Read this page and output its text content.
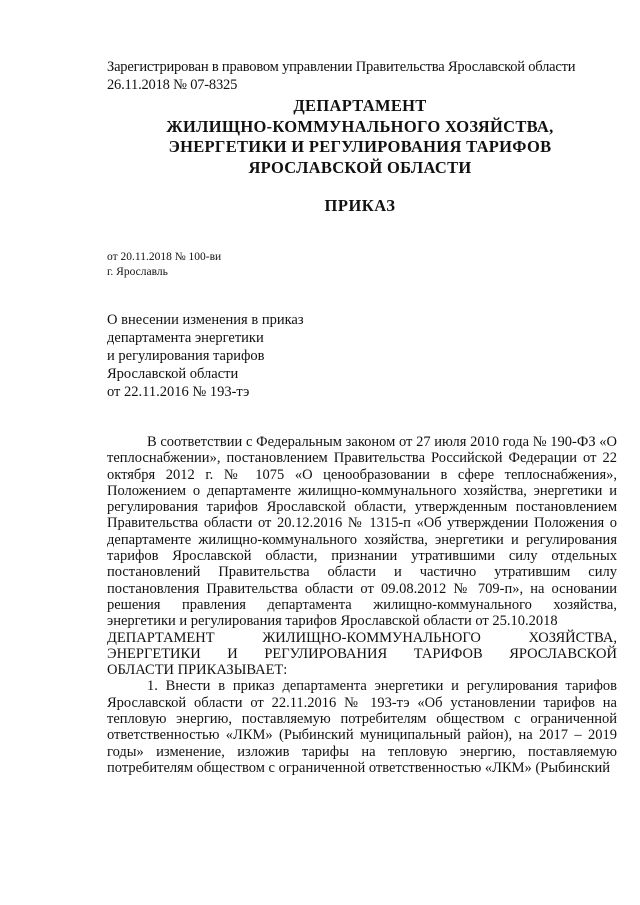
Зарегистрирован в правовом управлении Правительства Ярославской области
26.11.2018 № 07-8325
ДЕПАРТАМЕНТ
ЖИЛИЩНО-КОММУНАЛЬНОГО ХОЗЯЙСТВА,
ЭНЕРГЕТИКИ И РЕГУЛИРОВАНИЯ ТАРИФОВ
ЯРОСЛАВСКОЙ ОБЛАСТИ
ПРИКАЗ
от 20.11.2018 № 100-ви
г. Ярославль
О внесении изменения в приказ
департамента энергетики
и регулирования тарифов
Ярославской области
от 22.11.2016 № 193-тэ

В соответствии с Федеральным законом от 27 июля 2010 года № 190-ФЗ «О теплоснабжении», постановлением Правительства Российской Федерации от 22 октября 2012 г. № 1075 «О ценообразовании в сфере теплоснабжения», Положением о департаменте жилищно-коммунального хозяйства, энергетики и регулирования тарифов Ярославской области, утвержденным постановлением Правительства области от 20.12.2016 № 1315-п «Об утверждении Положения о департаменте жилищно-коммунального хозяйства, энергетики и регулирования тарифов Ярославской области, признании утратившими силу отдельных постановлений Правительства области и частично утратившим силу постановления Правительства области от 09.08.2012 № 709-п», на основании решения правления департамента жилищно-коммунального хозяйства, энергетики и регулирования тарифов Ярославской области от 25.10.2018

ДЕПАРТАМЕНТ ЖИЛИЩНО-КОММУНАЛЬНОГО ХОЗЯЙСТВА,

ЭНЕРГЕТИКИ И РЕГУЛИРОВАНИЯ ТАРИФОВ ЯРОСЛАВСКОЙ

ОБЛАСТИ ПРИКАЗЫВАЕТ:

1. Внести в приказ департамента энергетики и регулирования тарифов Ярославской области от 22.11.2016 № 193-тэ «Об установлении тарифов на тепловую энергию, поставляемую потребителям обществом с ограниченной ответственностью «ЛКМ» (Рыбинский муниципальный район), на 2017 – 2019 годы» изменение, изложив тарифы на тепловую энергию, поставляемую потребителям обществом с ограниченной ответственностью «ЛКМ» (Рыбинский
